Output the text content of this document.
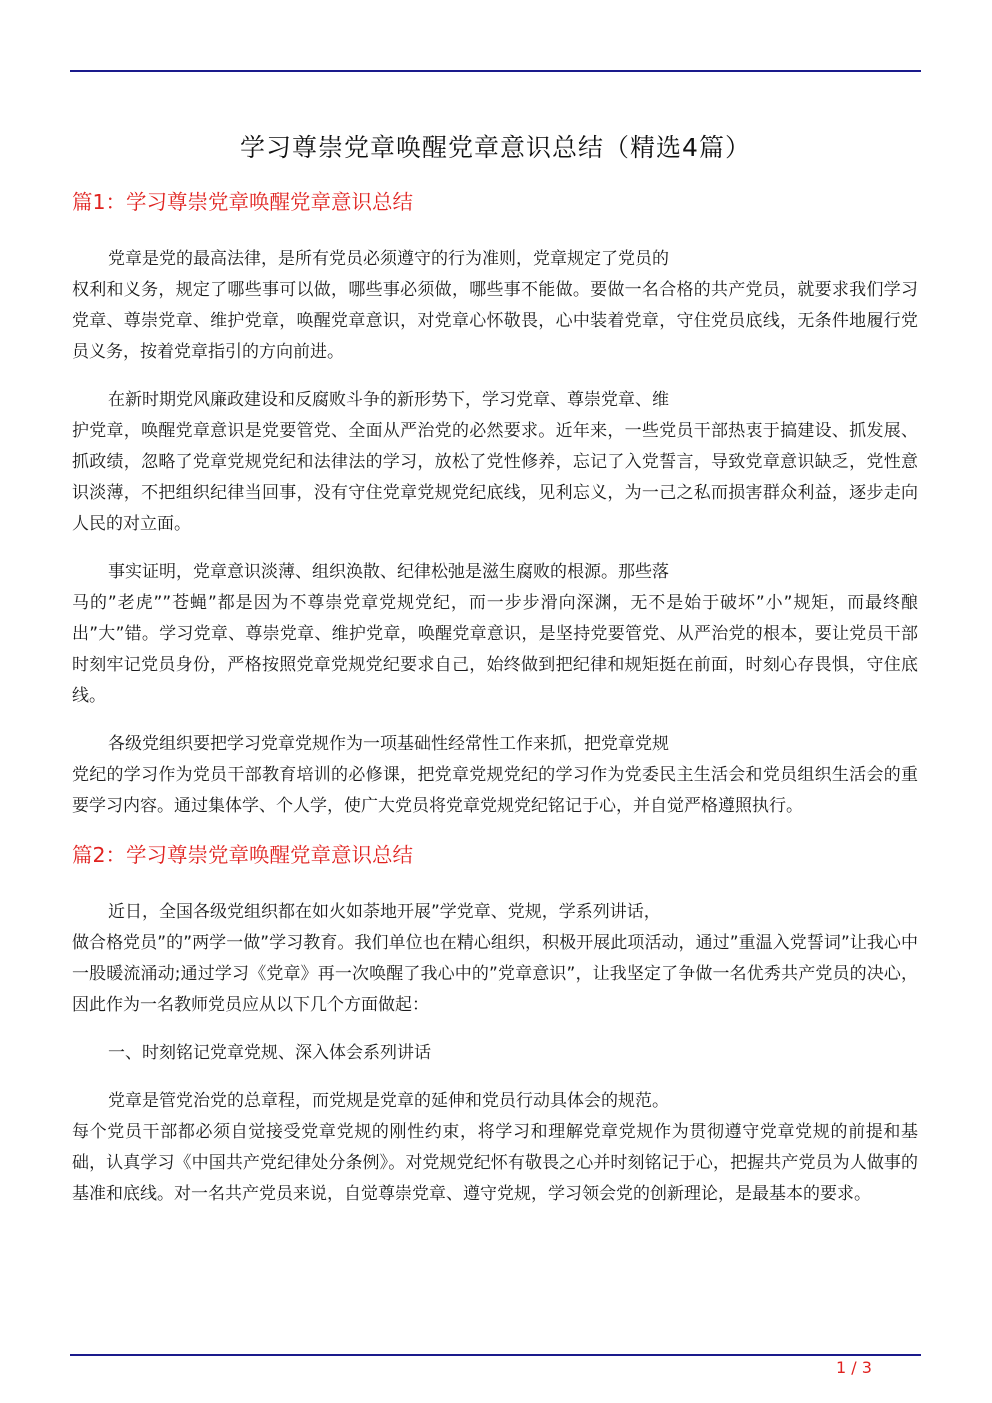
学习尊崇党章唤醒党章意识总结（精选4篇）
篇1：学习尊崇党章唤醒党章意识总结
党章是党的最高法律，是所有党员必须遵守的行为准则，党章规定了党员的
权利和义务，规定了哪些事可以做，哪些事必须做，哪些事不能做。要做一名合格的共产党员，就要求我们学习党章、尊崇党章、维护党章，唤醒党章意识，对党章心怀敬畏，心中装着党章，守住党员底线，无条件地履行党员义务，按着党章指引的方向前进。
在新时期党风廉政建设和反腐败斗争的新形势下，学习党章、尊崇党章、维
护党章，唤醒党章意识是党要管党、全面从严治党的必然要求。近年来，一些党员干部热衷于搞建设、抓发展、抓政绩，忽略了党章党规党纪和法律法的学习，放松了党性修养，忘记了入党誓言，导致党章意识缺乏，党性意识淡薄，不把组织纪律当回事，没有守住党章党规党纪底线，见利忘义，为一己之私而损害群众利益，逐步走向人民的对立面。
事实证明，党章意识淡薄、组织涣散、纪律松弛是滋生腐败的根源。那些落
马的”老虎””苍蝇”都是因为不尊崇党章党规党纪，而一步步滑向深渊，无不是始于破坏”小”规矩，而最终酿出”大”错。学习党章、尊崇党章、维护党章，唤醒党章意识，是坚持党要管党、从严治党的根本，要让党员干部时刻牢记党员身份，严格按照党章党规党纪要求自己，始终做到把纪律和规矩挺在前面，时刻心存畏惧，守住底线。
各级党组织要把学习党章党规作为一项基础性经常性工作来抓，把党章党规
党纪的学习作为党员干部教育培训的必修课，把党章党规党纪的学习作为党委民主生活会和党员组织生活会的重要学习内容。通过集体学、个人学，使广大党员将党章党规党纪铭记于心，并自觉严格遵照执行。
篇2：学习尊崇党章唤醒党章意识总结
近日，全国各级党组织都在如火如荼地开展”学党章、党规，学系列讲话，
做合格党员”的”两学一做”学习教育。我们单位也在精心组织，积极开展此项活动，通过”重温入党誓词”让我心中一股暖流涌动;通过学习《党章》再一次唤醒了我心中的”党章意识”，让我坚定了争做一名优秀共产党员的决心，因此作为一名教师党员应从以下几个方面做起：
一、时刻铭记党章党规、深入体会系列讲话
党章是管党治党的总章程，而党规是党章的延伸和党员行动具体会的规范。
每个党员干部都必须自觉接受党章党规的刚性约束，将学习和理解党章党规作为贯彻遵守党章党规的前提和基础，认真学习《中国共产党纪律处分条例》。对党规党纪怀有敬畏之心并时刻铭记于心，把握共产党员为人做事的基准和底线。对一名共产党员来说，自觉尊崇党章、遵守党规，学习领会党的创新理论，是最基本的要求。
1 / 3
